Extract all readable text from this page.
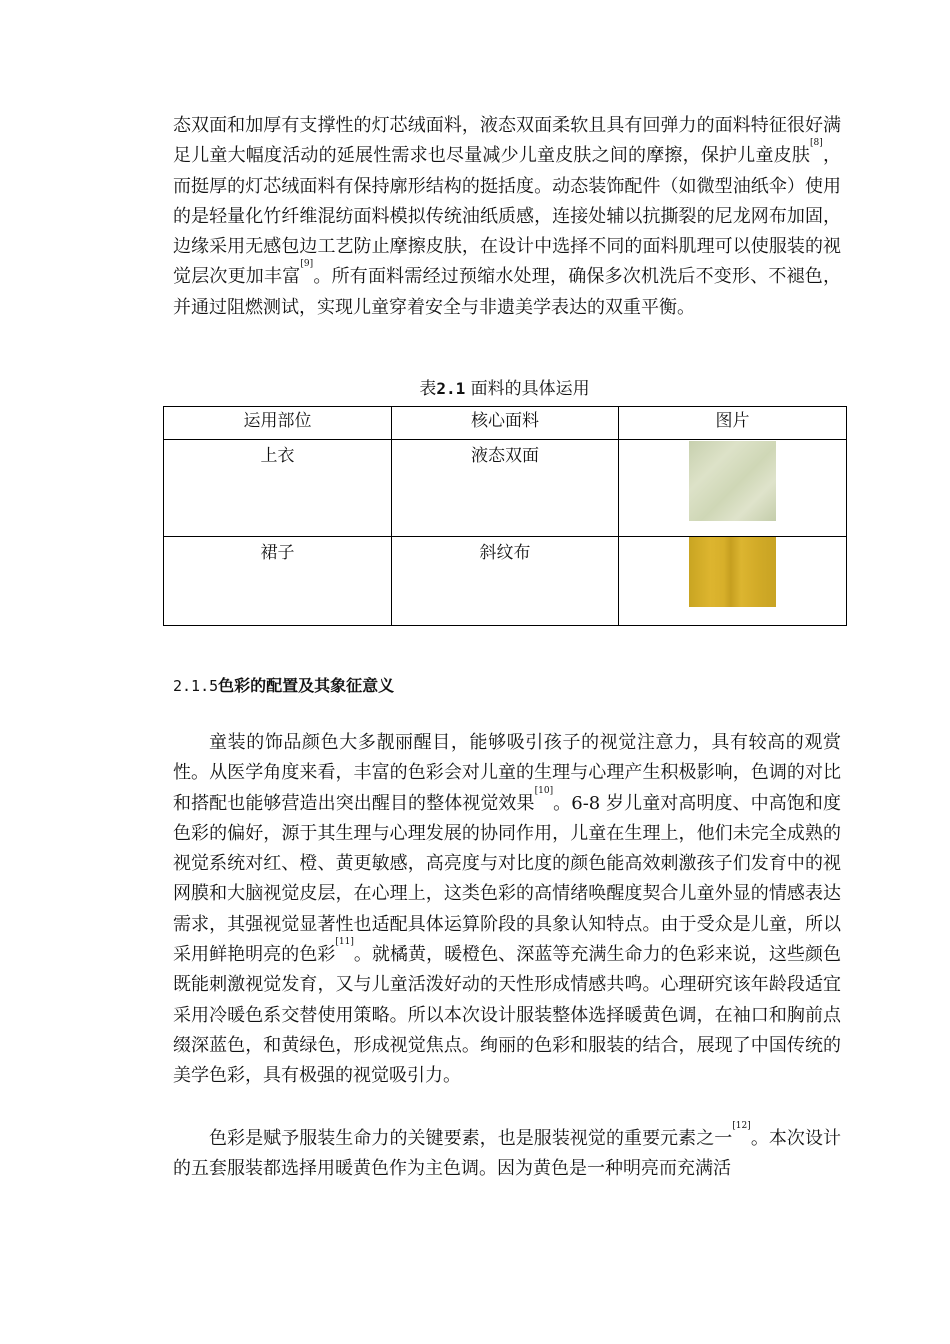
态双面和加厚有支撑性的灯芯绒面料，液态双面柔软且具有回弹力的面料特征很好满足儿童大幅度活动的延展性需求也尽量减少儿童皮肤之间的摩擦，保护儿童皮肤[8]，而挺厚的灯芯绒面料有保持廓形结构的挺括度。动态装饰配件（如微型油纸伞）使用的是轻量化竹纤维混纺面料模拟传统油纸质感，连接处辅以抗撕裂的尼龙网布加固，边缘采用无感包边工艺防止摩擦皮肤，在设计中选择不同的面料肌理可以使服装的视觉层次更加丰富[9]。所有面料需经过预缩水处理，确保多次机洗后不变形、不褪色，并通过阻燃测试，实现儿童穿着安全与非遗美学表达的双重平衡。

表2.1 面料的具体运用
运用部位	核心面料	图片
上衣	液态双面	

裙子	斜纹布	
2.1.5色彩的配置及其象征意义

童装的饰品颜色大多靓丽醒目，能够吸引孩子的视觉注意力，具有较高的观赏性。从医学角度来看，丰富的色彩会对儿童的生理与心理产生积极影响，色调的对比和搭配也能够营造出突出醒目的整体视觉效果[10]。6-8 岁儿童对高明度、中高饱和度色彩的偏好，源于其生理与心理发展的协同作用，儿童在生理上，他们未完全成熟的视觉系统对红、橙、黄更敏感，高亮度与对比度的颜色能高效刺激孩子们发育中的视网膜和大脑视觉皮层，在心理上，这类色彩的高情绪唤醒度契合儿童外显的情感表达需求，其强视觉显著性也适配具体运算阶段的具象认知特点。由于受众是儿童，所以采用鲜艳明亮的色彩[11]。就橘黄，暖橙色、深蓝等充满生命力的色彩来说，这些颜色既能刺激视觉发育，又与儿童活泼好动的天性形成情感共鸣。心理研究该年龄段适宜采用冷暖色系交替使用策略。所以本次设计服装整体选择暖黄色调，在袖口和胸前点缀深蓝色，和黄绿色，形成视觉焦点。绚丽的色彩和服装的结合，展现了中国传统的美学色彩，具有极强的视觉吸引力。

色彩是赋予服装生命力的关键要素，也是服装视觉的重要元素之一[12]。本次设计的五套服装都选择用暖黄色作为主色调。因为黄色是一种明亮而充满活
